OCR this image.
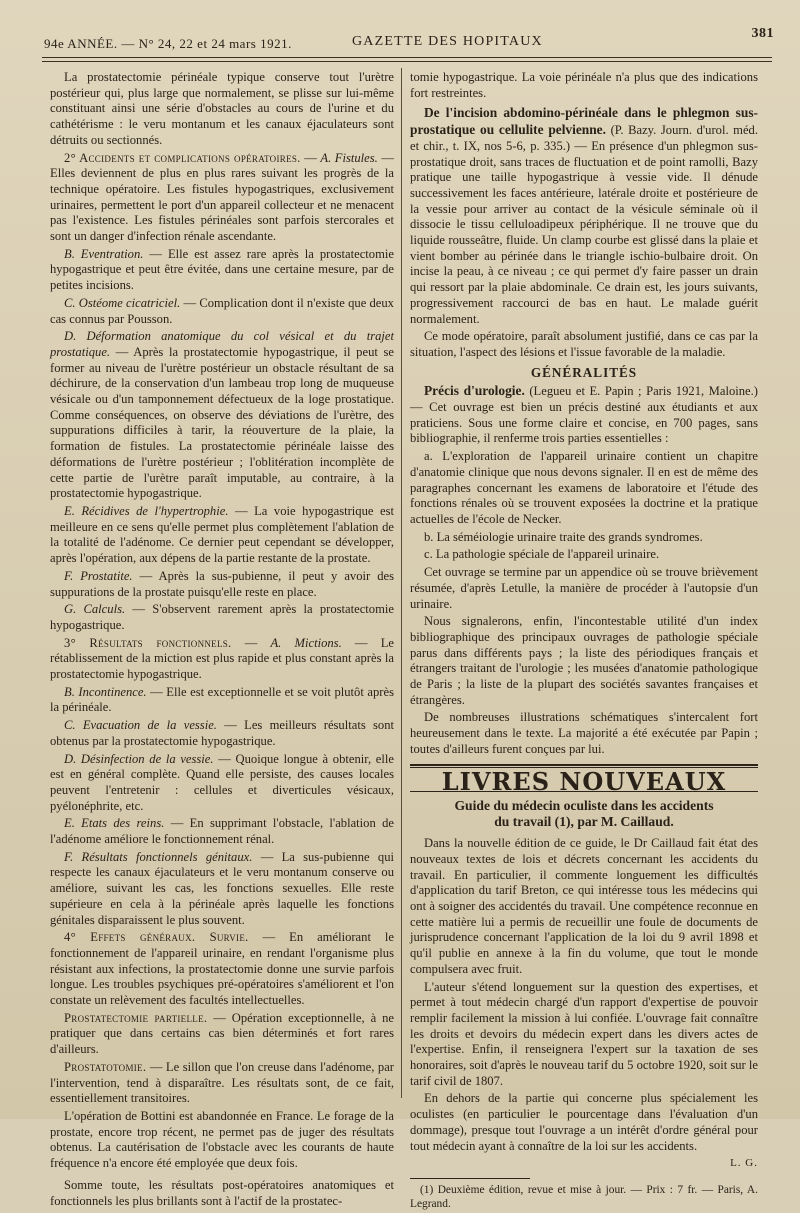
94e ANNÉE. — N° 24, 22 et 24 mars 1921.	GAZETTE DES HOPITAUX
381

La prostatectomie périnéale typique conserve tout l'urètre postérieur qui, plus large que normalement, se plisse sur lui-même constituant ainsi une série d'obstacles au cours de l'urine et du cathétérisme : le veru montanum et les canaux éjaculateurs sont détruits ou sectionnés.

2° Accidents et complications opératoires. — A. Fistules. — Elles deviennent de plus en plus rares suivant les progrès de la technique opératoire. Les fistules hypogastriques, exclusivement urinaires, permettent le port d'un appareil collecteur et ne menacent pas l'existence. Les fistules périnéales sont parfois stercorales et sont un danger d'infection rénale ascendante.

B. Eventration. — Elle est assez rare après la prostatectomie hypogastrique et peut être évitée, dans une certaine mesure, par de petites incisions.

C. Ostéome cicatriciel. — Complication dont il n'existe que deux cas connus par Pousson.

D. Déformation anatomique du col vésical et du trajet prostatique. — Après la prostatectomie hypogastrique, il peut se former au niveau de l'urètre postérieur un obstacle résultant de sa déchirure, de la conservation d'un lambeau trop long de muqueuse vésicale ou d'un tamponnement défectueux de la loge prostatique. Comme conséquences, on observe des déviations de l'urètre, des suppurations difficiles à tarir, la réouverture de la plaie, la formation de fistules. La prostatectomie périnéale laisse des déformations de l'urètre postérieur ; l'oblitération incomplète de cette partie de l'urètre paraît imputable, au contraire, à la prostatectomie hypogastrique.

E. Récidives de l'hypertrophie. — La voie hypogastrique est meilleure en ce sens qu'elle permet plus complètement l'ablation de la totalité de l'adénome. Ce dernier peut cependant se développer, après l'opération, aux dépens de la partie restante de la prostate.

F. Prostatite. — Après la sus-pubienne, il peut y avoir des suppurations de la prostate puisqu'elle reste en place.

G. Calculs. — S'observent rarement après la prostatectomie hypogastrique.

3° Résultats fonctionnels. — A. Mictions. — Le rétablissement de la miction est plus rapide et plus constant après la prostatectomie hypogastrique.

B. Incontinence. — Elle est exceptionnelle et se voit plutôt après la périnéale.

C. Evacuation de la vessie. — Les meilleurs résultats sont obtenus par la prostatectomie hypogastrique.

D. Désinfection de la vessie. — Quoique longue à obtenir, elle est en général complète. Quand elle persiste, des causes locales peuvent l'entretenir : cellules et diverticules vésicaux, pyélonéphrite, etc.

E. Etats des reins. — En supprimant l'obstacle, l'ablation de l'adénome améliore le fonctionnement rénal.

F. Résultats fonctionnels génitaux. — La sus-pubienne qui respecte les canaux éjaculateurs et le veru montanum conserve ou améliore, suivant les cas, les fonctions sexuelles. Elle reste supérieure en cela à la périnéale après laquelle les fonctions génitales disparaissent le plus souvent.

4° Effets généraux. Survie. — En améliorant le fonctionnement de l'appareil urinaire, en rendant l'organisme plus résistant aux infections, la prostatectomie donne une survie parfois longue. Les troubles psychiques pré-opératoires s'améliorent et l'on constate un relèvement des facultés intellectuelles.

Prostatectomie partielle. — Opération exceptionnelle, à ne pratiquer que dans certains cas bien déterminés et fort rares d'ailleurs.

Prostatotomie. — Le sillon que l'on creuse dans l'adénome, par l'intervention, tend à disparaître. Les résultats sont, de ce fait, essentiellement transitoires.

L'opération de Bottini est abandonnée en France. Le forage de la prostate, encore trop récent, ne permet pas de juger des résultats obtenus. La cautérisation de l'obstacle avec les courants de haute fréquence n'a encore été employée que deux fois.

Somme toute, les résultats post-opératoires anatomiques et fonctionnels les plus brillants sont à l'actif de la prostatec-

tomie hypogastrique. La voie périnéale n'a plus que des indications fort restreintes.

De l'incision abdomino-périnéale dans le phlegmon sus-prostatique ou cellulite pelvienne. (P. Bazy. Journ. d'urol. méd. et chir., t. IX, nos 5-6, p. 335.) — En présence d'un phlegmon sus-prostatique droit, sans traces de fluctuation et de point ramolli, Bazy pratique une taille hypogastrique à vessie vide. Il dénude successivement les faces antérieure, latérale droite et postérieure de la vessie pour arriver au contact de la vésicule séminale où il dissocie le tissu celluloadipeux périphérique. Il ne trouve que du liquide rousseâtre, fluide. Un clamp courbe est glissé dans la plaie et vient bomber au périnée dans le triangle ischio-bulbaire droit. On incise la peau, à ce niveau ; ce qui permet d'y faire passer un drain qui ressort par la plaie abdominale. Ce drain est, les jours suivants, progressivement raccourci de bas en haut. Le malade guérit normalement.

Ce mode opératoire, paraît absolument justifié, dans ce cas par la situation, l'aspect des lésions et l'issue favorable de la maladie.

GÉNÉRALITÉS

Précis d'urologie. (Legueu et E. Papin ; Paris 1921, Maloine.) — Cet ouvrage est bien un précis destiné aux étudiants et aux praticiens. Sous une forme claire et concise, en 700 pages, sans bibliographie, il renferme trois parties essentielles :

a. L'exploration de l'appareil urinaire contient un chapitre d'anatomie clinique que nous devons signaler. Il en est de même des paragraphes concernant les examens de laboratoire et l'étude des fonctions rénales où se trouvent exposées la doctrine et la pratique actuelles de l'école de Necker.

b. La séméiologie urinaire traite des grands syndromes.

c. La pathologie spéciale de l'appareil urinaire.

Cet ouvrage se termine par un appendice où se trouve brièvement résumée, d'après Letulle, la manière de procéder à l'autopsie d'un urinaire.

Nous signalerons, enfin, l'incontestable utilité d'un index bibliographique des principaux ouvrages de pathologie spéciale parus dans différents pays ; la liste des périodiques français et étrangers traitant de l'urologie ; les musées d'anatomie pathologique de Paris ; la liste de la plupart des sociétés savantes françaises et étrangères.

De nombreuses illustrations schématiques s'intercalent fort heureusement dans le texte. La majorité a été exécutée par Papin ; toutes d'ailleurs furent conçues par lui.

LIVRES NOUVEAUX
Guide du médecin oculiste dans les accidents
du travail (1), par M. Caillaud.

Dans la nouvelle édition de ce guide, le Dr Caillaud fait état des nouveaux textes de lois et décrets concernant les accidents du travail. En particulier, il commente longuement les difficultés d'application du tarif Breton, ce qui intéresse tous les médecins qui ont à soigner des accidentés du travail. Une compétence reconnue en cette matière lui a permis de recueillir une foule de documents de jurisprudence concernant l'application de la loi du 9 avril 1898 et qu'il publie en annexe à la fin du volume, que tout le monde compulsera avec fruit.

L'auteur s'étend longuement sur la question des expertises, et permet à tout médecin chargé d'un rapport d'expertise de pouvoir remplir facilement la mission à lui confiée. L'ouvrage fait connaître les droits et devoirs du médecin expert dans les divers actes de l'expertise. Enfin, il renseignera l'expert sur la taxation de ses honoraires, soit d'après le nouveau tarif du 5 octobre 1920, soit sur le tarif civil de 1807.

En dehors de la partie qui concerne plus spécialement les oculistes (en particulier le pourcentage dans l'évaluation d'un dommage), presque tout l'ouvrage a un intérêt d'ordre général pour tout médecin ayant à connaître de la loi sur les accidents.

L. G.

(1) Deuxième édition, revue et mise à jour. — Prix : 7 fr. — Paris, A. Legrand.
